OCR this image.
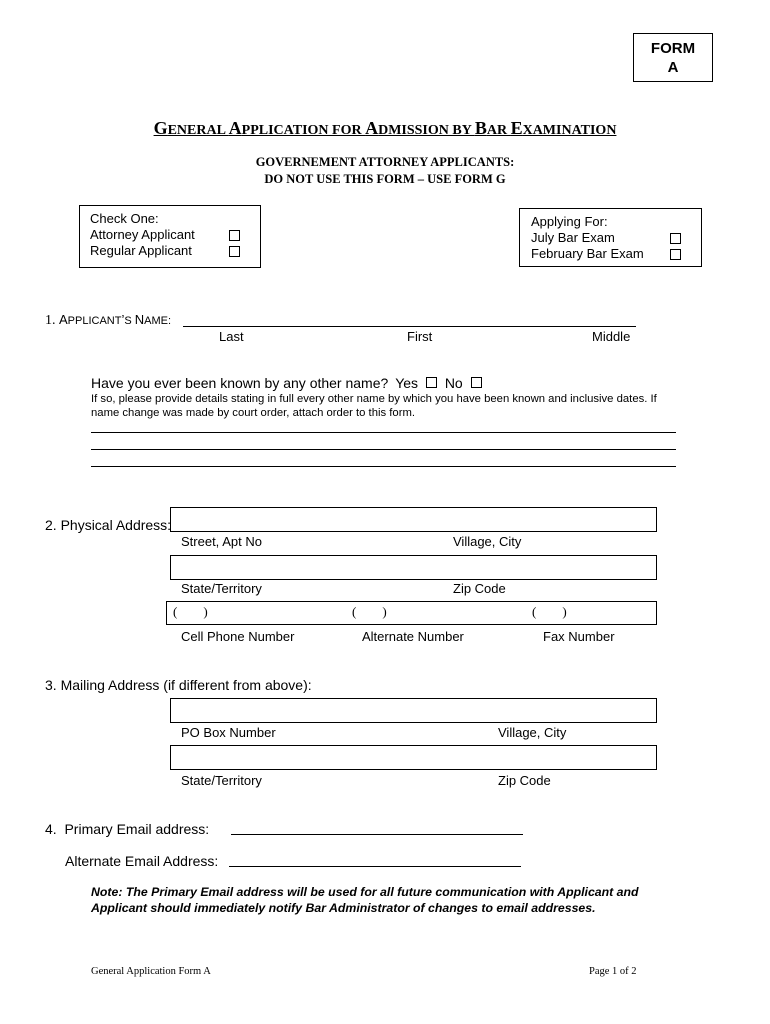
FORM
A
GENERAL APPLICATION FOR ADMISSION BY BAR EXAMINATION
GOVERNEMENT ATTORNEY APPLICANTS:
DO NOT USE THIS FORM – USE FORM G
Check One:
Attorney Applicant
Regular Applicant
Applying For:
July Bar Exam
February Bar Exam
1. APPLICANT’S NAME:
Last	First	Middle
Have you ever been known by any other name? Yes No
If so, please provide details stating in full every other name by which you have been known and inclusive dates. If name change was made by court order, attach order to this form.
2. Physical Address:
Street, Apt No	Village, City
State/Territory	Zip Code
(        )	(        )	(        )
Cell Phone Number	Alternate Number	Fax Number
3. Mailing Address (if different from above):
PO Box Number	Village, City
State/Territory	Zip Code
4.  Primary Email address:
Alternate Email Address:
Note: The Primary Email address will be used for all future communication with Applicant and
Applicant should immediately notify Bar Administrator of changes to email addresses.
General Application Form A	Page 1 of 2
